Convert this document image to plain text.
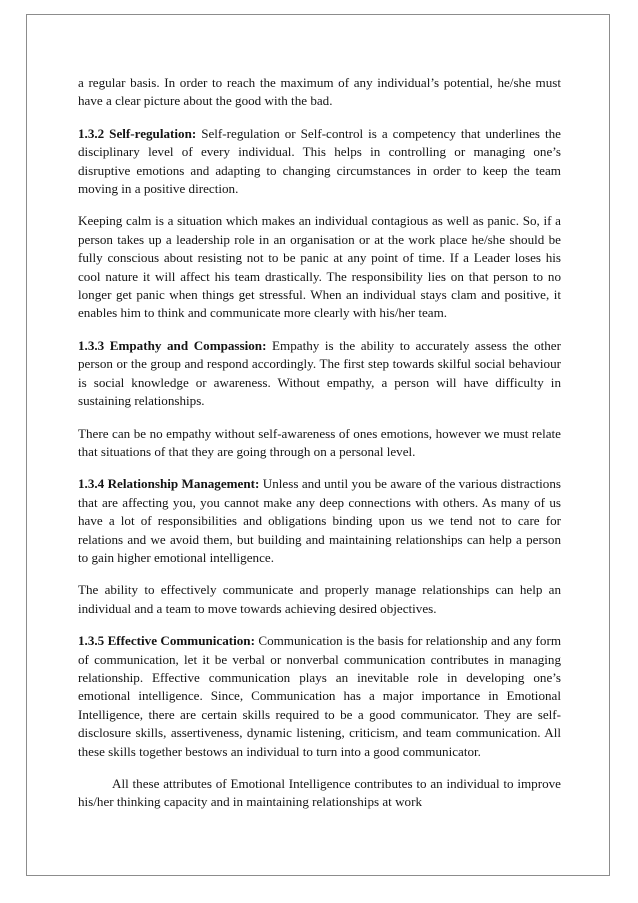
a regular basis. In order to reach the maximum of any individual’s potential, he/she must have a clear picture about the good with the bad.

1.3.2 Self-regulation: Self-regulation or Self-control is a competency that underlines the disciplinary level of every individual. This helps in controlling or managing one’s disruptive emotions and adapting to changing circumstances in order to keep the team moving in a positive direction.

Keeping calm is a situation which makes an individual contagious as well as panic. So, if a person takes up a leadership role in an organisation or at the work place he/she should be fully conscious about resisting not to be panic at any point of time. If a Leader loses his cool nature it will affect his team drastically. The responsibility lies on that person to no longer get panic when things get stressful. When an individual stays clam and positive, it enables him to think and communicate more clearly with his/her team.

1.3.3 Empathy and Compassion: Empathy is the ability to accurately assess the other person or the group and respond accordingly. The first step towards skilful social behaviour is social knowledge or awareness. Without empathy, a person will have difficulty in sustaining relationships.

There can be no empathy without self-awareness of ones emotions, however we must relate that situations of that they are going through on a personal level.

1.3.4 Relationship Management: Unless and until you be aware of the various distractions that are affecting you, you cannot make any deep connections with others. As many of us have a lot of responsibilities and obligations binding upon us we tend not to care for relations and we avoid them, but building and maintaining relationships can help a person to gain higher emotional intelligence.

The ability to effectively communicate and properly manage relationships can help an individual and a team to move towards achieving desired objectives.

1.3.5 Effective Communication: Communication is the basis for relationship and any form of communication, let it be verbal or nonverbal communication contributes in managing relationship. Effective communication plays an inevitable role in developing one’s emotional intelligence. Since, Communication has a major importance in Emotional Intelligence, there are certain skills required to be a good communicator. They are self-disclosure skills, assertiveness, dynamic listening, criticism, and team communication. All these skills together bestows an individual to turn into a good communicator.

All these attributes of Emotional Intelligence contributes to an individual to improve his/her thinking capacity and in maintaining relationships at work
